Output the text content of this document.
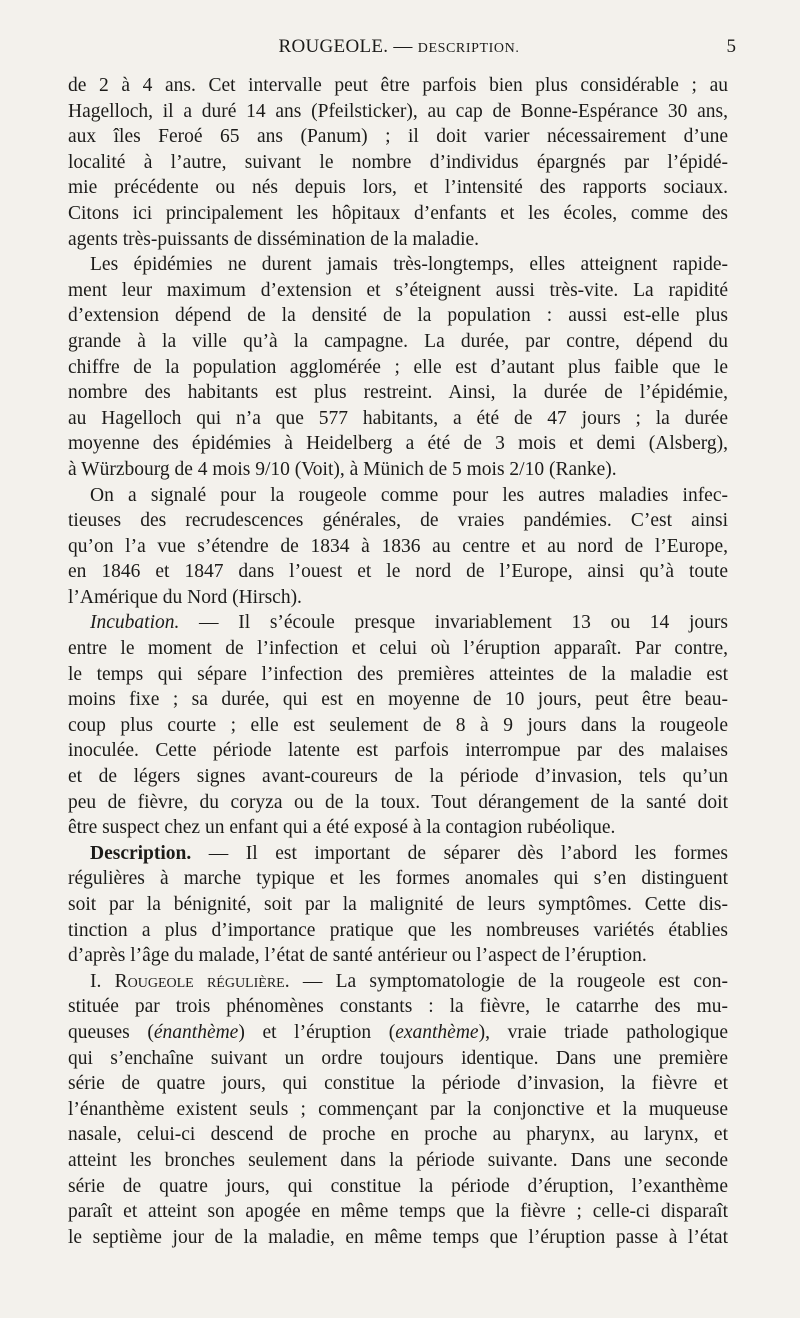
ROUGEOLE. — DESCRIPTION.	5
de 2 à 4 ans. Cet intervalle peut être parfois bien plus considérable ; au
Hagelloch, il a duré 14 ans (Pfeilsticker), au cap de Bonne-Espérance 30 ans,
aux îles Feroé 65 ans (Panum) ; il doit varier nécessairement d’une
localité à l’autre, suivant le nombre d’individus épargnés par l’épidé-
mie précédente ou nés depuis lors, et l’intensité des rapports sociaux.
Citons ici principalement les hôpitaux d’enfants et les écoles, comme des
agents très-puissants de dissémination de la maladie.
Les épidémies ne durent jamais très-longtemps, elles atteignent rapide-
ment leur maximum d’extension et s’éteignent aussi très-vite. La rapidité
d’extension dépend de la densité de la population : aussi est-elle plus
grande à la ville qu’à la campagne. La durée, par contre, dépend du
chiffre de la population agglomérée ; elle est d’autant plus faible que le
nombre des habitants est plus restreint. Ainsi, la durée de l’épidémie,
au Hagelloch qui n’a que 577 habitants, a été de 47 jours ; la durée
moyenne des épidémies à Heidelberg a été de 3 mois et demi (Alsberg),
à Würzbourg de 4 mois 9/10 (Voit), à Münich de 5 mois 2/10 (Ranke).
On a signalé pour la rougeole comme pour les autres maladies infec-
tieuses des recrudescences générales, de vraies pandémies. C’est ainsi
qu’on l’a vue s’étendre de 1834 à 1836 au centre et au nord de l’Europe,
en 1846 et 1847 dans l’ouest et le nord de l’Europe, ainsi qu’à toute
l’Amérique du Nord (Hirsch).
Incubation. — Il s’écoule presque invariablement 13 ou 14 jours
entre le moment de l’infection et celui où l’éruption apparaît. Par contre,
le temps qui sépare l’infection des premières atteintes de la maladie est
moins fixe ; sa durée, qui est en moyenne de 10 jours, peut être beau-
coup plus courte ; elle est seulement de 8 à 9 jours dans la rougeole
inoculée. Cette période latente est parfois interrompue par des malaises
et de légers signes avant-coureurs de la période d’invasion, tels qu’un
peu de fièvre, du coryza ou de la toux. Tout dérangement de la santé doit
être suspect chez un enfant qui a été exposé à la contagion rubéolique.
Description. — Il est important de séparer dès l’abord les formes
régulières à marche typique et les formes anomales qui s’en distinguent
soit par la bénignité, soit par la malignité de leurs symptômes. Cette dis-
tinction a plus d’importance pratique que les nombreuses variétés établies
d’après l’âge du malade, l’état de santé antérieur ou l’aspect de l’éruption.
I. Rougeole régulière. — La symptomatologie de la rougeole est con-
stituée par trois phénomènes constants : la fièvre, le catarrhe des mu-
queuses (énanthème) et l’éruption (exanthème), vraie triade pathologique
qui s’enchaîne suivant un ordre toujours identique. Dans une première
série de quatre jours, qui constitue la période d’invasion, la fièvre et
l’énanthème existent seuls ; commençant par la conjonctive et la muqueuse
nasale, celui-ci descend de proche en proche au pharynx, au larynx, et
atteint les bronches seulement dans la période suivante. Dans une seconde
série de quatre jours, qui constitue la période d’éruption, l’exanthème
paraît et atteint son apogée en même temps que la fièvre ; celle-ci disparaît
le septième jour de la maladie, en même temps que l’éruption passe à l’état
